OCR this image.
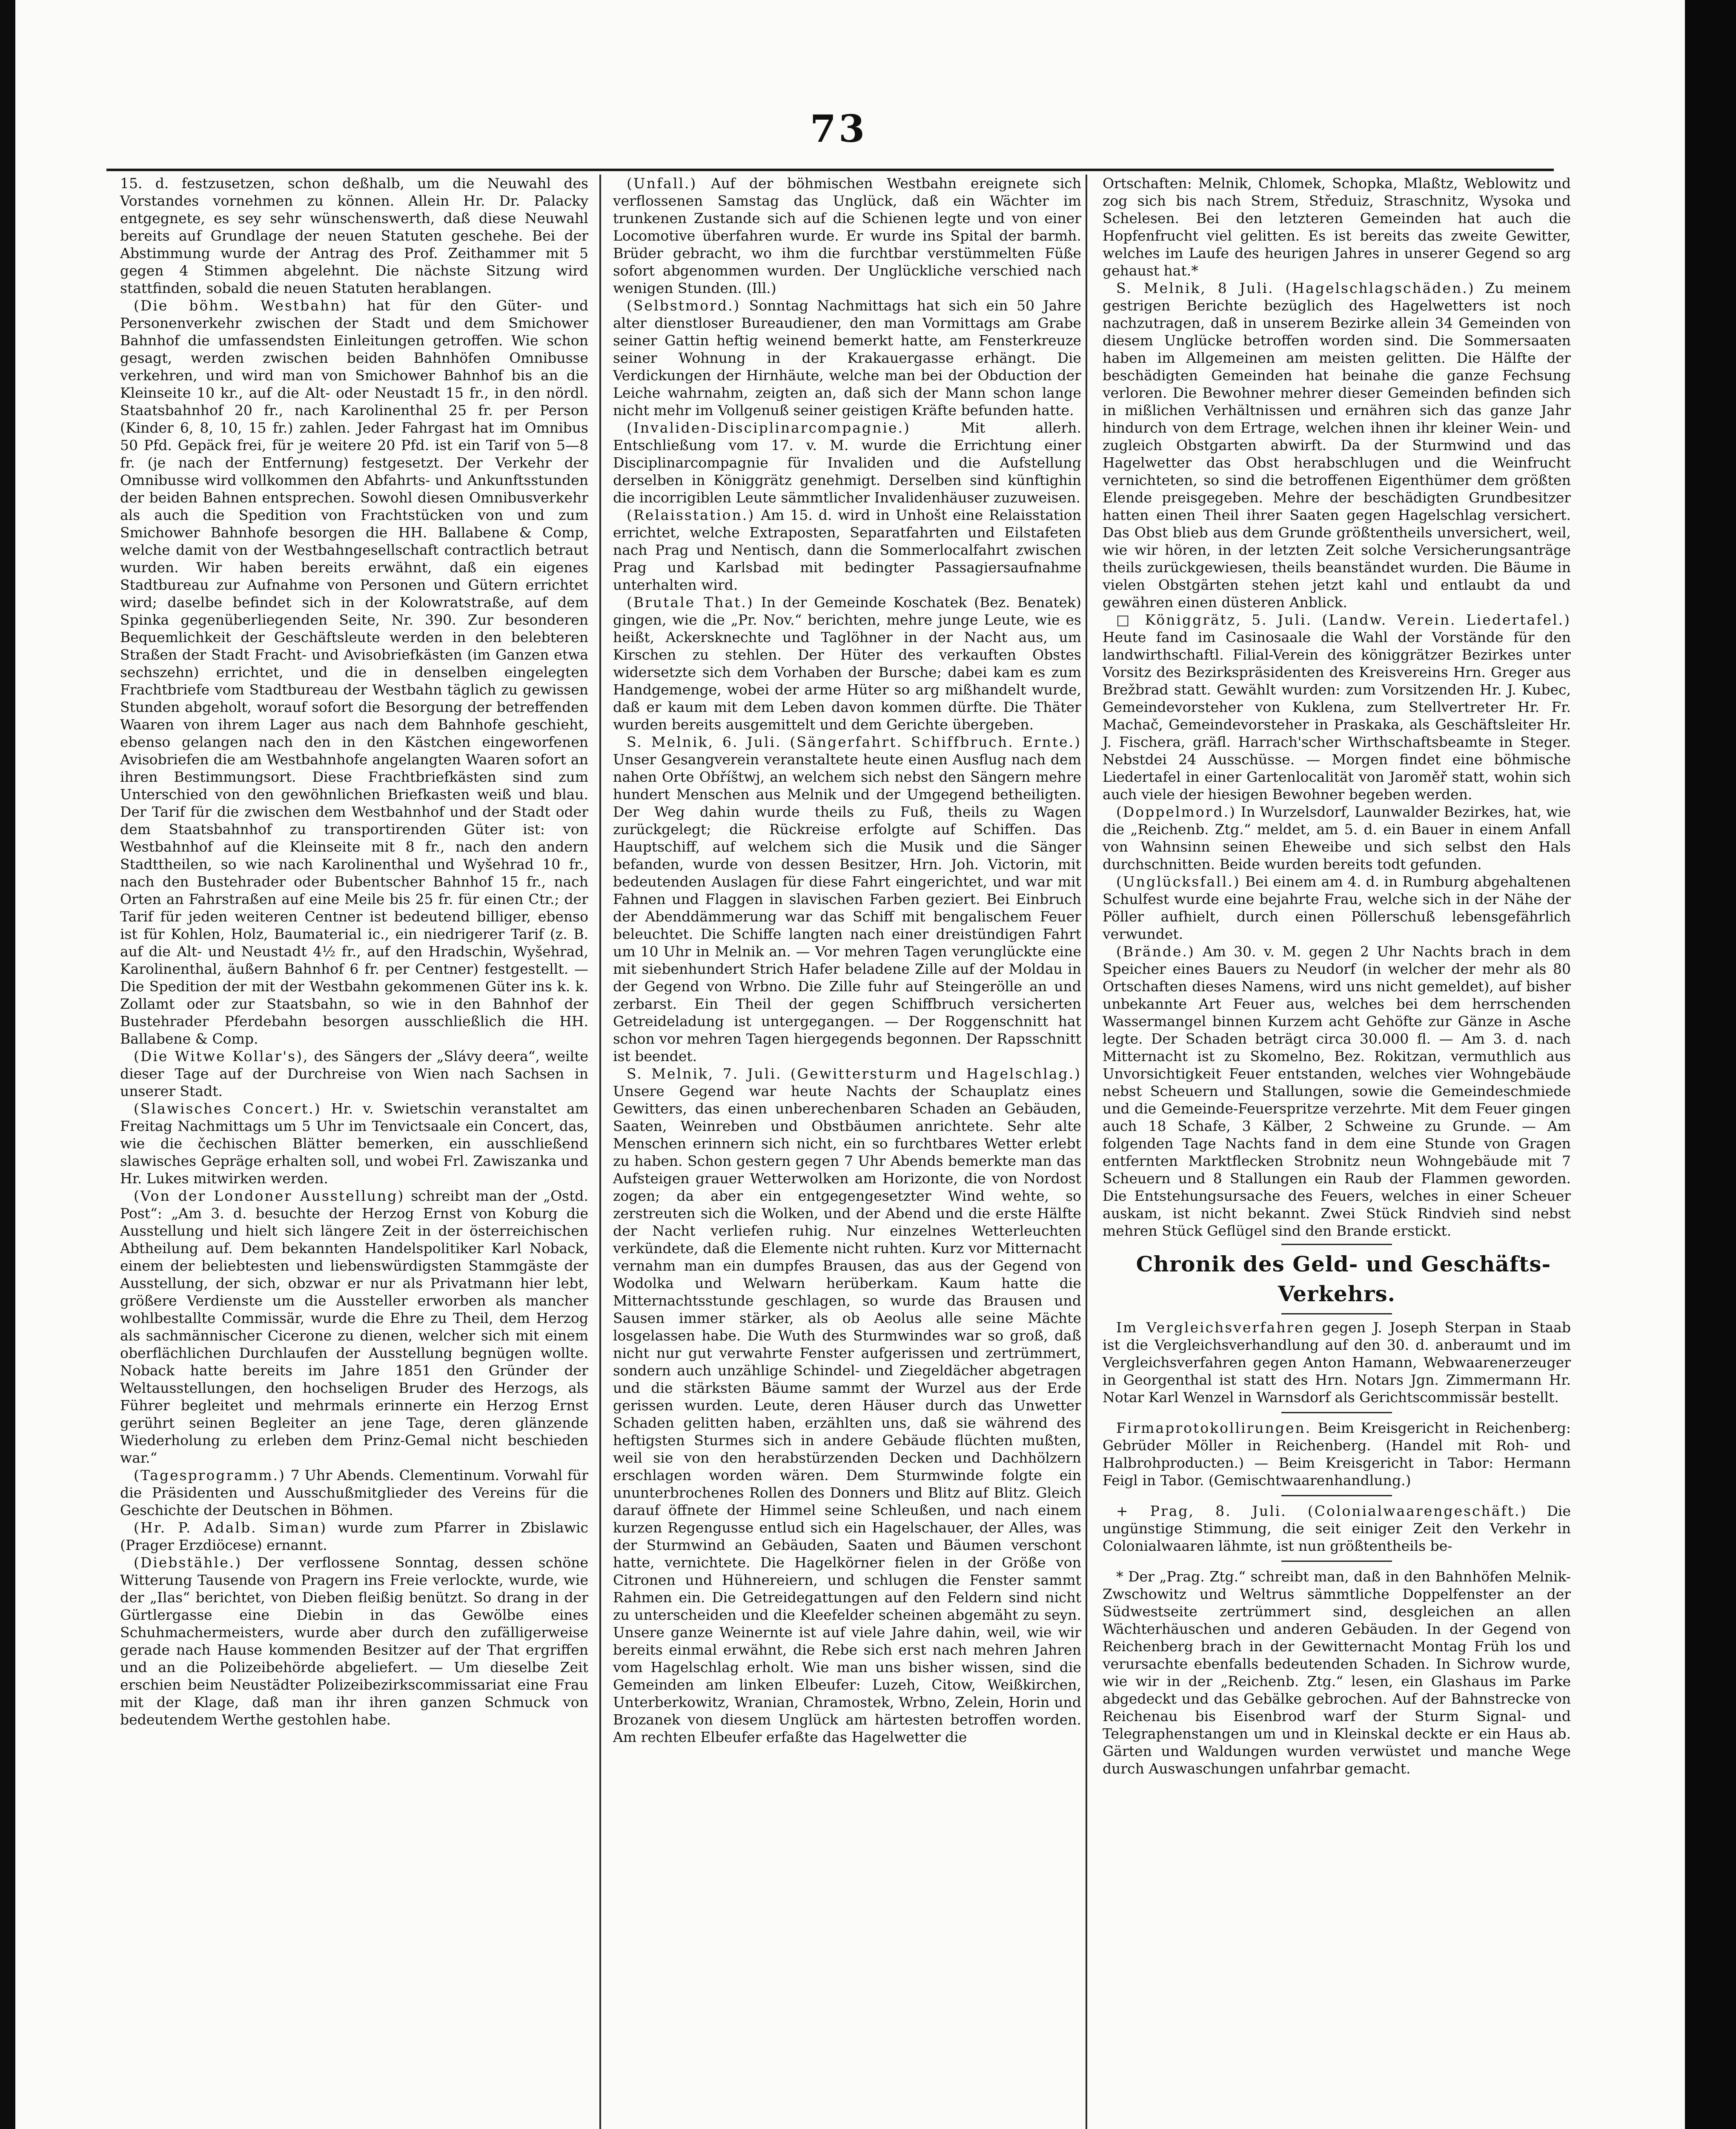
73

15. d. festzusetzen, schon deßhalb, um die Neuwahl des Vorstandes vornehmen zu können. Allein Hr. Dr. Palacky entgegnete, es sey sehr wünschenswerth, daß diese Neuwahl bereits auf Grundlage der neuen Statuten geschehe. Bei der Abstimmung wurde der Antrag des Prof. Zeithammer mit 5 gegen 4 Stimmen abgelehnt. Die nächste Sitzung wird stattfinden, sobald die neuen Statuten herablangen.

(Die böhm. Westbahn) hat für den Güter- und Personenverkehr zwischen der Stadt und dem Smichower Bahnhof die umfassendsten Einleitungen getroffen. Wie schon gesagt, werden zwischen beiden Bahnhöfen Omnibusse verkehren, und wird man von Smichower Bahnhof bis an die Kleinseite 10 kr., auf die Alt- oder Neustadt 15 fr., in den nördl. Staatsbahnhof 20 fr., nach Karolinenthal 25 fr. per Person (Kinder 6, 8, 10, 15 fr.) zahlen. Jeder Fahrgast hat im Omnibus 50 Pfd. Gepäck frei, für je weitere 20 Pfd. ist ein Tarif von 5—8 fr. (je nach der Entfernung) festgesetzt. Der Verkehr der Omnibusse wird vollkommen den Abfahrts- und Ankunftsstunden der beiden Bahnen entsprechen. Sowohl diesen Omnibusverkehr als auch die Spedition von Frachtstücken von und zum Smichower Bahnhofe besorgen die HH. Ballabene & Comp, welche damit von der Westbahngesellschaft contractlich betraut wurden. Wir haben bereits erwähnt, daß ein eigenes Stadtbureau zur Aufnahme von Personen und Gütern errichtet wird; daselbe befindet sich in der Kolowratstraße, auf dem Spinka gegenüberliegenden Seite, Nr. 390. Zur besonderen Bequemlichkeit der Geschäftsleute werden in den belebteren Straßen der Stadt Fracht- und Avisobriefkästen (im Ganzen etwa sechszehn) errichtet, und die in denselben eingelegten Frachtbriefe vom Stadtbureau der Westbahn täglich zu gewissen Stunden abgeholt, worauf sofort die Besorgung der betreffenden Waaren von ihrem Lager aus nach dem Bahnhofe geschieht, ebenso gelangen nach den in den Kästchen eingeworfenen Avisobriefen die am Westbahnhofe angelangten Waaren sofort an ihren Bestimmungsort. Diese Frachtbriefkästen sind zum Unterschied von den gewöhnlichen Briefkasten weiß und blau. Der Tarif für die zwischen dem Westbahnhof und der Stadt oder dem Staatsbahnhof zu transportirenden Güter ist: von Westbahnhof auf die Kleinseite mit 8 fr., nach den andern Stadttheilen, so wie nach Karolinenthal und Wyšehrad 10 fr., nach den Bustehrader oder Bubentscher Bahnhof 15 fr., nach Orten an Fahrstraßen auf eine Meile bis 25 fr. für einen Ctr.; der Tarif für jeden weiteren Centner ist bedeutend billiger, ebenso ist für Kohlen, Holz, Baumaterial ic., ein niedrigerer Tarif (z. B. auf die Alt- und Neustadt 4½ fr., auf den Hradschin, Wyšehrad, Karolinenthal, äußern Bahnhof 6 fr. per Centner) festgestellt. — Die Spedition der mit der Westbahn gekommenen Güter ins k. k. Zollamt oder zur Staatsbahn, so wie in den Bahnhof der Bustehrader Pferdebahn besorgen ausschließlich die HH. Ballabene & Comp.

(Die Witwe Kollar's), des Sängers der „Slávy deera“, weilte dieser Tage auf der Durchreise von Wien nach Sachsen in unserer Stadt.

(Slawisches Concert.) Hr. v. Swietschin veranstaltet am Freitag Nachmittags um 5 Uhr im Tenvictsaale ein Concert, das, wie die čechischen Blätter bemerken, ein ausschließend slawisches Gepräge erhalten soll, und wobei Frl. Zawiszanka und Hr. Lukes mitwirken werden.

(Von der Londoner Ausstellung) schreibt man der „Ostd. Post“: „Am 3. d. besuchte der Herzog Ernst von Koburg die Ausstellung und hielt sich längere Zeit in der österreichischen Abtheilung auf. Dem bekannten Handelspolitiker Karl Noback, einem der beliebtesten und liebenswürdigsten Stammgäste der Ausstellung, der sich, obzwar er nur als Privatmann hier lebt, größere Verdienste um die Aussteller erworben als mancher wohlbestallte Commissär, wurde die Ehre zu Theil, dem Herzog als sachmännischer Cicerone zu dienen, welcher sich mit einem oberflächlichen Durchlaufen der Ausstellung begnügen wollte. Noback hatte bereits im Jahre 1851 den Gründer der Weltausstellungen, den hochseligen Bruder des Herzogs, als Führer begleitet und mehrmals erinnerte ein Herzog Ernst gerührt seinen Begleiter an jene Tage, deren glänzende Wiederholung zu erleben dem Prinz-Gemal nicht beschieden war.“

(Tagesprogramm.) 7 Uhr Abends. Clementinum. Vorwahl für die Präsidenten und Ausschußmitglieder des Vereins für die Geschichte der Deutschen in Böhmen.

(Hr. P. Adalb. Siman) wurde zum Pfarrer in Zbislawic (Prager Erzdiöcese) ernannt.

(Diebstähle.) Der verflossene Sonntag, dessen schöne Witterung Tausende von Pragern ins Freie verlockte, wurde, wie der „Ilas“ berichtet, von Dieben fleißig benützt. So drang in der Gürtlergasse eine Diebin in das Gewölbe eines Schuhmachermeisters, wurde aber durch den zufälligerweise gerade nach Hause kommenden Besitzer auf der That ergriffen und an die Polizeibehörde abgeliefert. — Um dieselbe Zeit erschien beim Neustädter Polizeibezirkscommissariat eine Frau mit der Klage, daß man ihr ihren ganzen Schmuck von bedeutendem Werthe gestohlen habe.

(Unfall.) Auf der böhmischen Westbahn ereignete sich verflossenen Samstag das Unglück, daß ein Wächter im trunkenen Zustande sich auf die Schienen legte und von einer Locomotive überfahren wurde. Er wurde ins Spital der barmh. Brüder gebracht, wo ihm die furchtbar verstümmelten Füße sofort abgenommen wurden. Der Unglückliche verschied nach wenigen Stunden. (Ill.)

(Selbstmord.) Sonntag Nachmittags hat sich ein 50 Jahre alter dienstloser Bureaudiener, den man Vormittags am Grabe seiner Gattin heftig weinend bemerkt hatte, am Fensterkreuze seiner Wohnung in der Krakauergasse erhängt. Die Verdickungen der Hirnhäute, welche man bei der Obduction der Leiche wahrnahm, zeigten an, daß sich der Mann schon lange nicht mehr im Vollgenuß seiner geistigen Kräfte befunden hatte.

(Invaliden-Disciplinarcompagnie.)	Mit allerh. Entschließung vom 17. v. M. wurde die Errichtung einer Disciplinarcompagnie für Invaliden und die Aufstellung derselben in Königgrätz genehmigt. Derselben sind künftighin die incorrigiblen Leute sämmtlicher Invalidenhäuser zuzuweisen.

(Relaisstation.) Am 15. d. wird in Unhošt eine Relaisstation errichtet, welche Extraposten, Separatfahrten und Eilstafeten nach Prag und Nentisch, dann die Sommerlocalfahrt zwischen Prag und Karlsbad mit bedingter Passagiersaufnahme unterhalten wird.

(Brutale That.) In der Gemeinde Koschatek (Bez. Benatek) gingen, wie die „Pr. Nov.“ berichten, mehre junge Leute, wie es heißt, Ackersknechte und Taglöhner in der Nacht aus, um Kirschen zu stehlen. Der Hüter des verkauften Obstes widersetzte sich dem Vorhaben der Bursche; dabei kam es zum Handgemenge, wobei der arme Hüter so arg mißhandelt wurde, daß er kaum mit dem Leben davon kommen dürfte. Die Thäter wurden bereits ausgemittelt und dem Gerichte übergeben.

S. Melnik, 6. Juli. (Sängerfahrt. Schiffbruch. Ernte.) Unser Gesangverein veranstaltete heute einen Ausflug nach dem nahen Orte Obříštwj, an welchem sich nebst den Sängern mehre hundert Menschen aus Melnik und der Umgegend betheiligten. Der Weg dahin wurde theils zu Fuß, theils zu Wagen zurückgelegt; die Rückreise erfolgte auf Schiffen. Das Hauptschiff, auf welchem sich die Musik und die Sänger befanden, wurde von dessen Besitzer, Hrn. Joh. Victorin, mit bedeutenden Auslagen für diese Fahrt eingerichtet, und war mit Fahnen und Flaggen in slavischen Farben geziert. Bei Einbruch der Abenddämmerung war das Schiff mit bengalischem Feuer beleuchtet. Die Schiffe langten nach einer dreistündigen Fahrt um 10 Uhr in Melnik an. — Vor mehren Tagen verunglückte eine mit siebenhundert Strich Hafer beladene Zille auf der Moldau in der Gegend von Wrbno. Die Zille fuhr auf Steingerölle an und zerbarst. Ein Theil der gegen Schiffbruch versicherten Getreideladung ist untergegangen. — Der Roggenschnitt hat schon vor mehren Tagen hiergegends begonnen. Der Rapsschnitt ist beendet.

S. Melnik, 7. Juli. (Gewittersturm und Hagelschlag.) Unsere Gegend war heute Nachts der Schauplatz eines Gewitters, das einen unberechenbaren Schaden an Gebäuden, Saaten, Weinreben und Obstbäumen anrichtete. Sehr alte Menschen erinnern sich nicht, ein so furchtbares Wetter erlebt zu haben. Schon gestern gegen 7 Uhr Abends bemerkte man das Aufsteigen grauer Wetterwolken am Horizonte, die von Nordost zogen; da aber ein entgegengesetzter Wind wehte, so zerstreuten sich die Wolken, und der Abend und die erste Hälfte der Nacht verliefen ruhig. Nur einzelnes Wetterleuchten verkündete, daß die Elemente nicht ruhten. Kurz vor Mitternacht vernahm man ein dumpfes Brausen, das aus der Gegend von Wodolka und Welwarn herüberkam. Kaum hatte die Mitternachtsstunde geschlagen, so wurde das Brausen und Sausen immer stärker, als ob Aeolus alle seine Mächte losgelassen habe. Die Wuth des Sturmwindes war so groß, daß nicht nur gut verwahrte Fenster aufgerissen und zertrümmert, sondern auch unzählige Schindel- und Ziegeldächer abgetragen und die stärksten Bäume sammt der Wurzel aus der Erde gerissen wurden. Leute, deren Häuser durch das Unwetter Schaden gelitten haben, erzählten uns, daß sie während des heftigsten Sturmes sich in andere Gebäude flüchten mußten, weil sie von den herabstürzenden Decken und Dachhölzern erschlagen worden wären. Dem Sturmwinde folgte ein ununterbrochenes Rollen des Donners und Blitz auf Blitz. Gleich darauf öffnete der Himmel seine Schleußen, und nach einem kurzen Regengusse entlud sich ein Hagelschauer, der Alles, was der Sturmwind an Gebäuden, Saaten und Bäumen verschont hatte, vernichtete. Die Hagelkörner fielen in der Größe von Citronen und Hühnereiern, und schlugen die Fenster sammt Rahmen ein. Die Getreidegattungen auf den Feldern sind nicht zu unterscheiden und die Kleefelder scheinen abgemäht zu seyn. Unsere ganze Weinernte ist auf viele Jahre dahin, weil, wie wir bereits einmal erwähnt, die Rebe sich erst nach mehren Jahren vom Hagelschlag erholt. Wie man uns bisher wissen, sind die Gemeinden am linken Elbeufer: Luzeh, Citow, Weißkirchen, Unterberkowitz, Wranian, Chramostek, Wrbno, Zelein, Horin und Brozanek von diesem Unglück am härtesten betroffen worden. Am rechten Elbeufer erfaßte das Hagelwetter die

Ortschaften: Melnik, Chlomek, Schopka, Mlaßtz, Weblowitz und zog sich bis nach Strem, Středuiz, Straschnitz, Wysoka und Schelesen. Bei den letzteren Gemeinden hat auch die Hopfenfrucht viel gelitten. Es ist bereits das zweite Gewitter, welches im Laufe des heurigen Jahres in unserer Gegend so arg gehaust hat.*

S. Melnik, 8 Juli. (Hagelschlagschäden.) Zu meinem gestrigen Berichte bezüglich des Hagelwetters ist noch nachzutragen, daß in unserem Bezirke allein 34 Gemeinden von diesem Unglücke betroffen worden sind. Die Sommersaaten haben im Allgemeinen am meisten gelitten. Die Hälfte der beschädigten Gemeinden hat beinahe die ganze Fechsung verloren. Die Bewohner mehrer dieser Gemeinden befinden sich in mißlichen Verhältnissen und ernähren sich das ganze Jahr hindurch von dem Ertrage, welchen ihnen ihr kleiner Wein- und zugleich Obstgarten abwirft. Da der Sturmwind und das Hagelwetter das Obst herabschlugen und die Weinfrucht vernichteten, so sind die betroffenen Eigenthümer dem größten Elende preisgegeben. Mehre der beschädigten Grundbesitzer hatten einen Theil ihrer Saaten gegen Hagelschlag versichert. Das Obst blieb aus dem Grunde größtentheils unversichert, weil, wie wir hören, in der letzten Zeit solche Versicherungsanträge theils zurückgewiesen, theils beanständet wurden. Die Bäume in vielen Obstgärten stehen jetzt kahl und entlaubt da und gewähren einen düsteren Anblick.

□ Königgrätz, 5. Juli. (Landw. Verein. Liedertafel.) Heute fand im Casinosaale die Wahl der Vorstände für den landwirthschaftl. Filial-Verein des königgrätzer Bezirkes unter Vorsitz des Bezirkspräsidenten des Kreisvereins Hrn. Greger aus Brežbrad statt. Gewählt wurden: zum Vorsitzenden Hr. J. Kubec, Gemeindevorsteher von Kuklena, zum Stellvertreter Hr. Fr. Machač, Gemeindevorsteher in Praskaka, als Geschäftsleiter Hr. J. Fischera, gräfl. Harrach'scher Wirthschaftsbeamte in Steger. Nebstdei 24 Ausschüsse. — Morgen findet eine böhmische Liedertafel in einer Gartenlocalität von Jaroměř statt, wohin sich auch viele der hiesigen Bewohner begeben werden.

(Doppelmord.) In Wurzelsdorf, Launwalder Bezirkes, hat, wie die „Reichenb. Ztg.“ meldet, am 5. d. ein Bauer in einem Anfall von Wahnsinn seinen Eheweibe und sich selbst den Hals durchschnitten. Beide wurden bereits todt gefunden.

(Unglücksfall.) Bei einem am 4. d. in Rumburg abgehaltenen Schulfest wurde eine bejahrte Frau, welche sich in der Nähe der Pöller aufhielt, durch einen Pöllerschuß lebensgefährlich verwundet.

(Brände.) Am 30. v. M. gegen 2 Uhr Nachts brach in dem Speicher eines Bauers zu Neudorf (in welcher der mehr als 80 Ortschaften dieses Namens, wird uns nicht gemeldet), auf bisher unbekannte Art Feuer aus, welches bei dem herrschenden Wassermangel binnen Kurzem acht Gehöfte zur Gänze in Asche legte. Der Schaden beträgt circa 30.000 fl. — Am 3. d. nach Mitternacht ist zu Skomelno, Bez. Rokitzan, vermuthlich aus Unvorsichtigkeit Feuer entstanden, welches vier Wohngebäude nebst Scheuern und Stallungen, sowie die Gemeindeschmiede und die Gemeinde-Feuerspritze verzehrte. Mit dem Feuer gingen auch 18 Schafe, 3 Kälber, 2 Schweine zu Grunde. — Am folgenden Tage Nachts fand in dem eine Stunde von Gragen entfernten Marktflecken Strobnitz neun Wohngebäude mit 7 Scheuern und 8 Stallungen ein Raub der Flammen geworden. Die Entstehungsursache des Feuers, welches in einer Scheuer auskam, ist nicht bekannt. Zwei Stück Rindvieh sind nebst mehren Stück Geflügel sind den Brande erstickt.

Chronik des Geld- und Geschäfts-Verkehrs.

Im Vergleichsverfahren gegen J. Joseph Sterpan in Staab ist die Vergleichsverhandlung auf den 30. d. anberaumt und im Vergleichsverfahren gegen Anton Hamann, Webwaarenerzeuger in Georgenthal ist statt des Hrn. Notars Jgn. Zimmermann Hr. Notar Karl Wenzel in Warnsdorf als Gerichtscommissär bestellt.

Firmaprotokollirungen. Beim Kreisgericht in Reichenberg: Gebrüder Möller in Reichenberg. (Handel mit Roh- und Halbrohproducten.) — Beim Kreisgericht in Tabor: Hermann Feigl in Tabor. (Gemischtwaarenhandlung.)

+ Prag, 8. Juli. (Colonialwaarengeschäft.) Die ungünstige Stimmung, die seit einiger Zeit den Verkehr in Colonialwaaren lähmte, ist nun größtentheils be-

* Der „Prag. Ztg.“ schreibt man, daß in den Bahnhöfen Melnik-Zwschowitz und Weltrus sämmtliche Doppelfenster an der Südwestseite zertrümmert sind, desgleichen an allen Wächterhäuschen und anderen Gebäuden. In der Gegend von Reichenberg brach in der Gewitternacht Montag Früh los und verursachte ebenfalls bedeutenden Schaden. In Sichrow wurde, wie wir in der „Reichenb. Ztg.“ lesen, ein Glashaus im Parke abgedeckt und das Gebälke gebrochen. Auf der Bahnstrecke von Reichenau bis Eisenbrod warf der Sturm Signal- und Telegraphenstangen um und in Kleinskal deckte er ein Haus ab. Gärten und Waldungen wurden verwüstet und manche Wege durch Auswaschungen unfahrbar gemacht.
